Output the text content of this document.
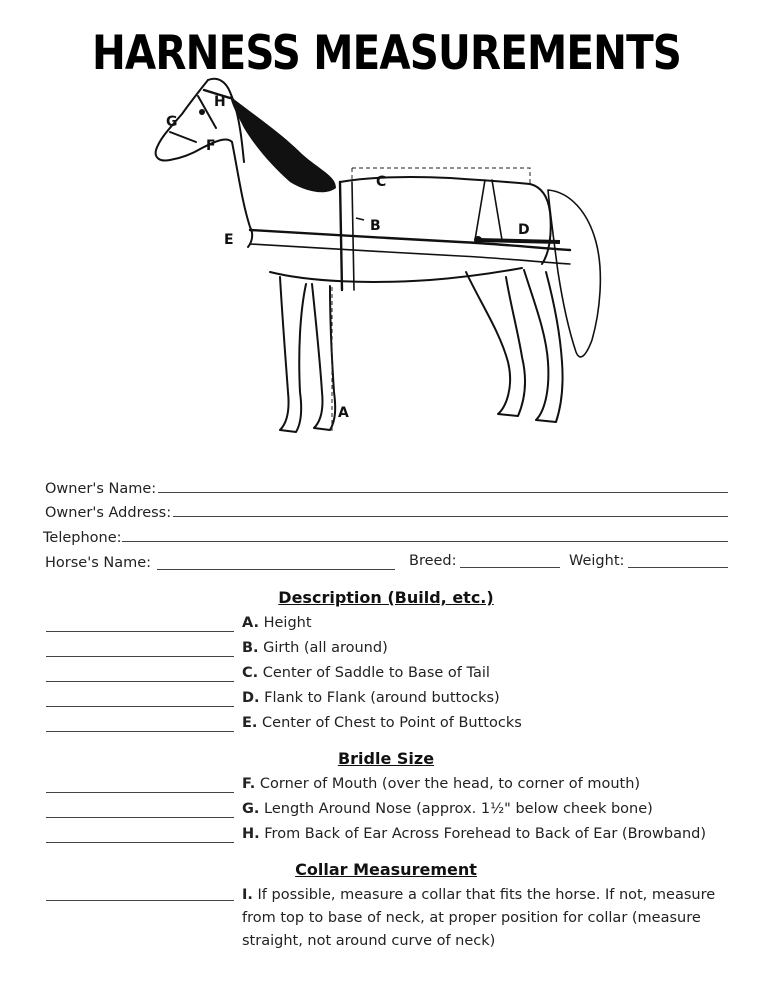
HARNESS MEASUREMENTS
A
B
C
D
E
F
G
H
Owner's Name:
Owner's Address:
Telephone:
Horse's Name:	Breed:	Weight:
Description (Build, etc.)
A. Height
B. Girth (all around)
C. Center of Saddle to Base of Tail
D. Flank to Flank (around buttocks)
E. Center of Chest to Point of Buttocks
Bridle Size
F. Corner of Mouth (over the head, to corner of mouth)
G. Length Around Nose (approx. 1½" below cheek bone)
H. From Back of Ear Across Forehead to Back of Ear (Browband)
Collar Measurement
I. If possible, measure a collar that fits the horse. If not, measure from top to base of neck, at proper position for collar (measure straight, not around curve of neck)
